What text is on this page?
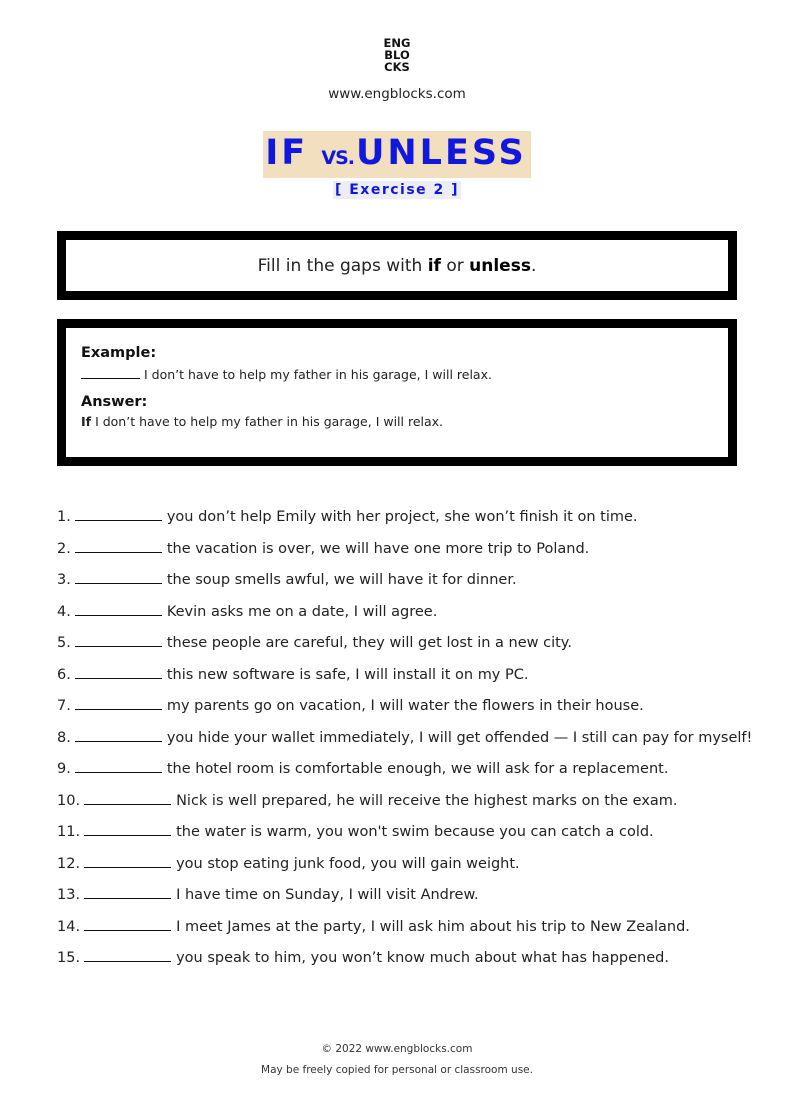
ENG
BLO
CKS
www.engblocks.com
IF VS.UNLESS
[ Exercise 2 ]
Fill in the gaps with if or unless.
Example:
I don’t have to help my father in his garage, I will relax.
Answer:
If I don’t have to help my father in his garage, I will relax.
1.	you don’t help Emily with her project, she won’t finish it on time.
2.	the vacation is over, we will have one more trip to Poland.
3.	the soup smells awful, we will have it for dinner.
4.	Kevin asks me on a date, I will agree.
5.	these people are careful, they will get lost in a new city.
6.	this new software is safe, I will install it on my PC.
7.	my parents go on vacation, I will water the flowers in their house.
8.	you hide your wallet immediately, I will get offended — I still can pay for myself!
9.	the hotel room is comfortable enough, we will ask for a replacement.
10.	Nick is well prepared, he will receive the highest marks on the exam.
11.	the water is warm, you won't swim because you can catch a cold.
12.	you stop eating junk food, you will gain weight.
13.	I have time on Sunday, I will visit Andrew.
14.	I meet James at the party, I will ask him about his trip to New Zealand.
15.	you speak to him, you won’t know much about what has happened.
© 2022 www.engblocks.com
May be freely copied for personal or classroom use.
